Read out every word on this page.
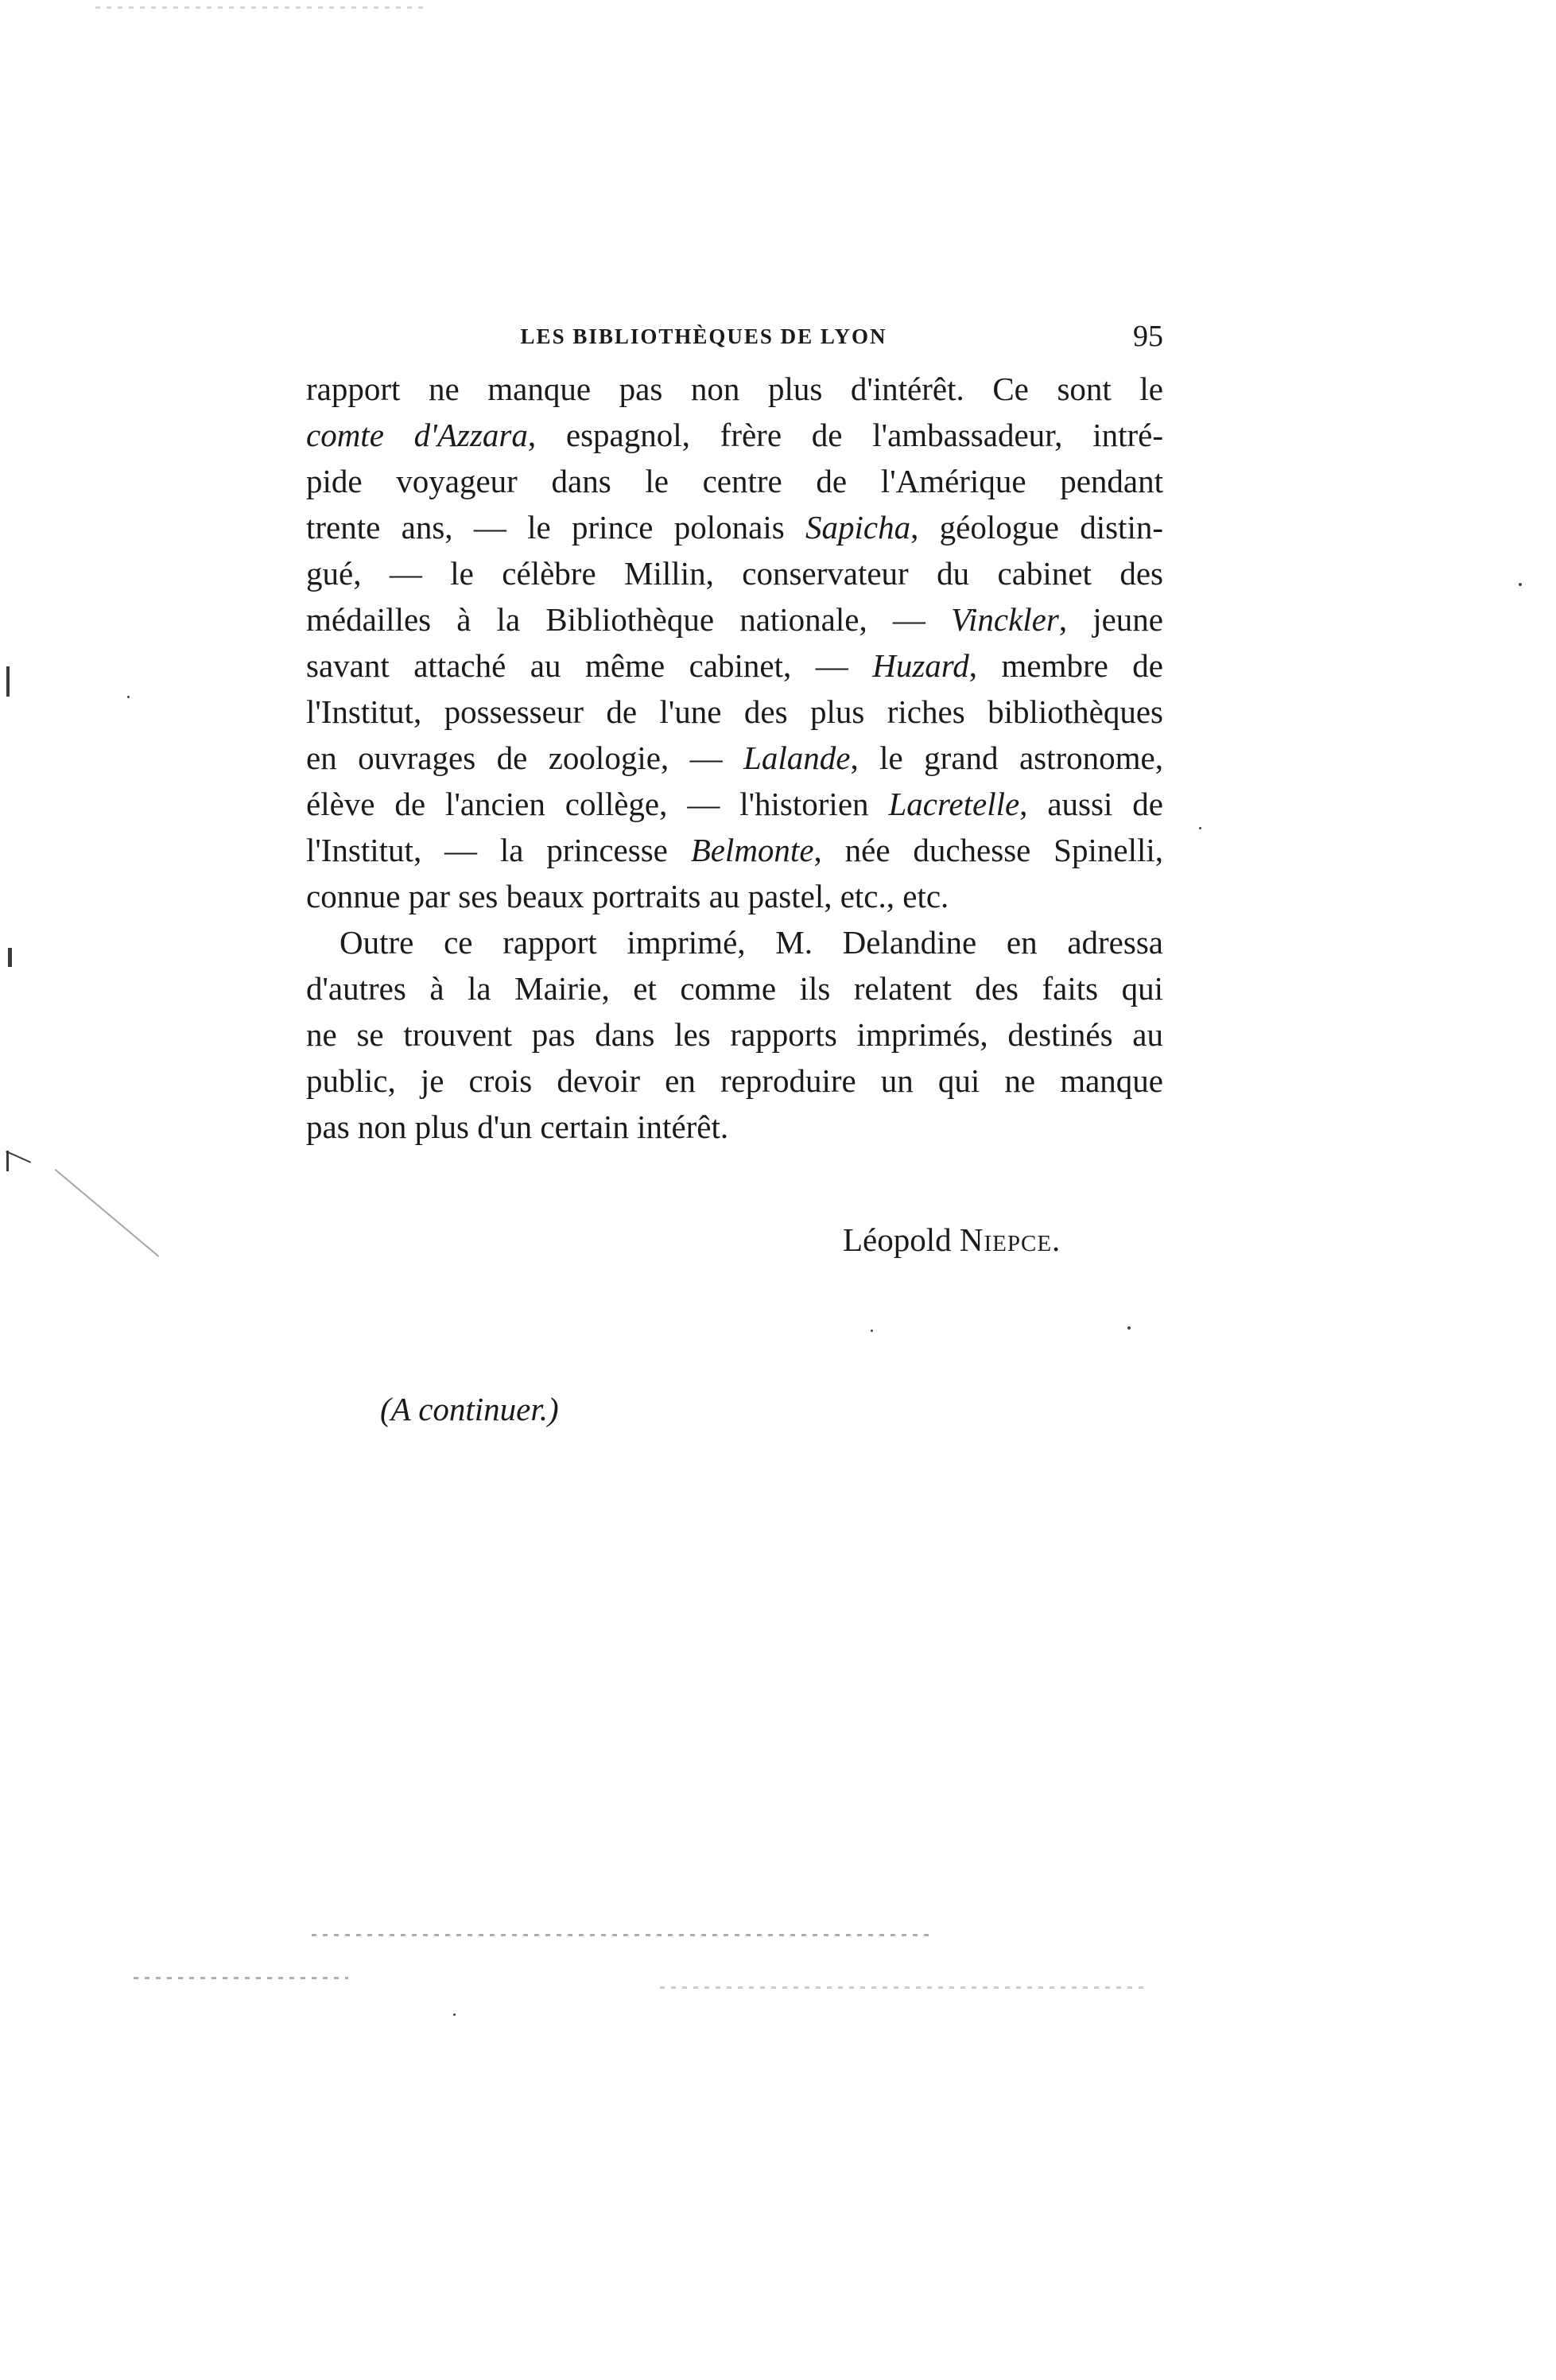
LES BIBLIOTHÈQUES DE LYON	95
rapport ne manque pas non plus d'intérêt. Ce sont le
comte d'Azzara, espagnol, frère de l'ambassadeur, intré-
pide voyageur dans le centre de l'Amérique pendant
trente ans, — le prince polonais Sapicha, géologue distin-
gué, — le célèbre Millin, conservateur du cabinet des
médailles à la Bibliothèque nationale, — Vinckler, jeune
savant attaché au même cabinet, — Huzard, membre de
l'Institut, possesseur de l'une des plus riches bibliothèques
en ouvrages de zoologie, — Lalande, le grand astronome,
élève de l'ancien collège, — l'historien Lacretelle, aussi de
l'Institut, — la princesse Belmonte, née duchesse Spinelli,
connue par ses beaux portraits au pastel, etc., etc.
Outre ce rapport imprimé, M. Delandine en adressa
d'autres à la Mairie, et comme ils relatent des faits qui
ne se trouvent pas dans les rapports imprimés, destinés au
public, je crois devoir en reproduire un qui ne manque
pas non plus d'un certain intérêt.
Léopold Niepce.
(A continuer.)
